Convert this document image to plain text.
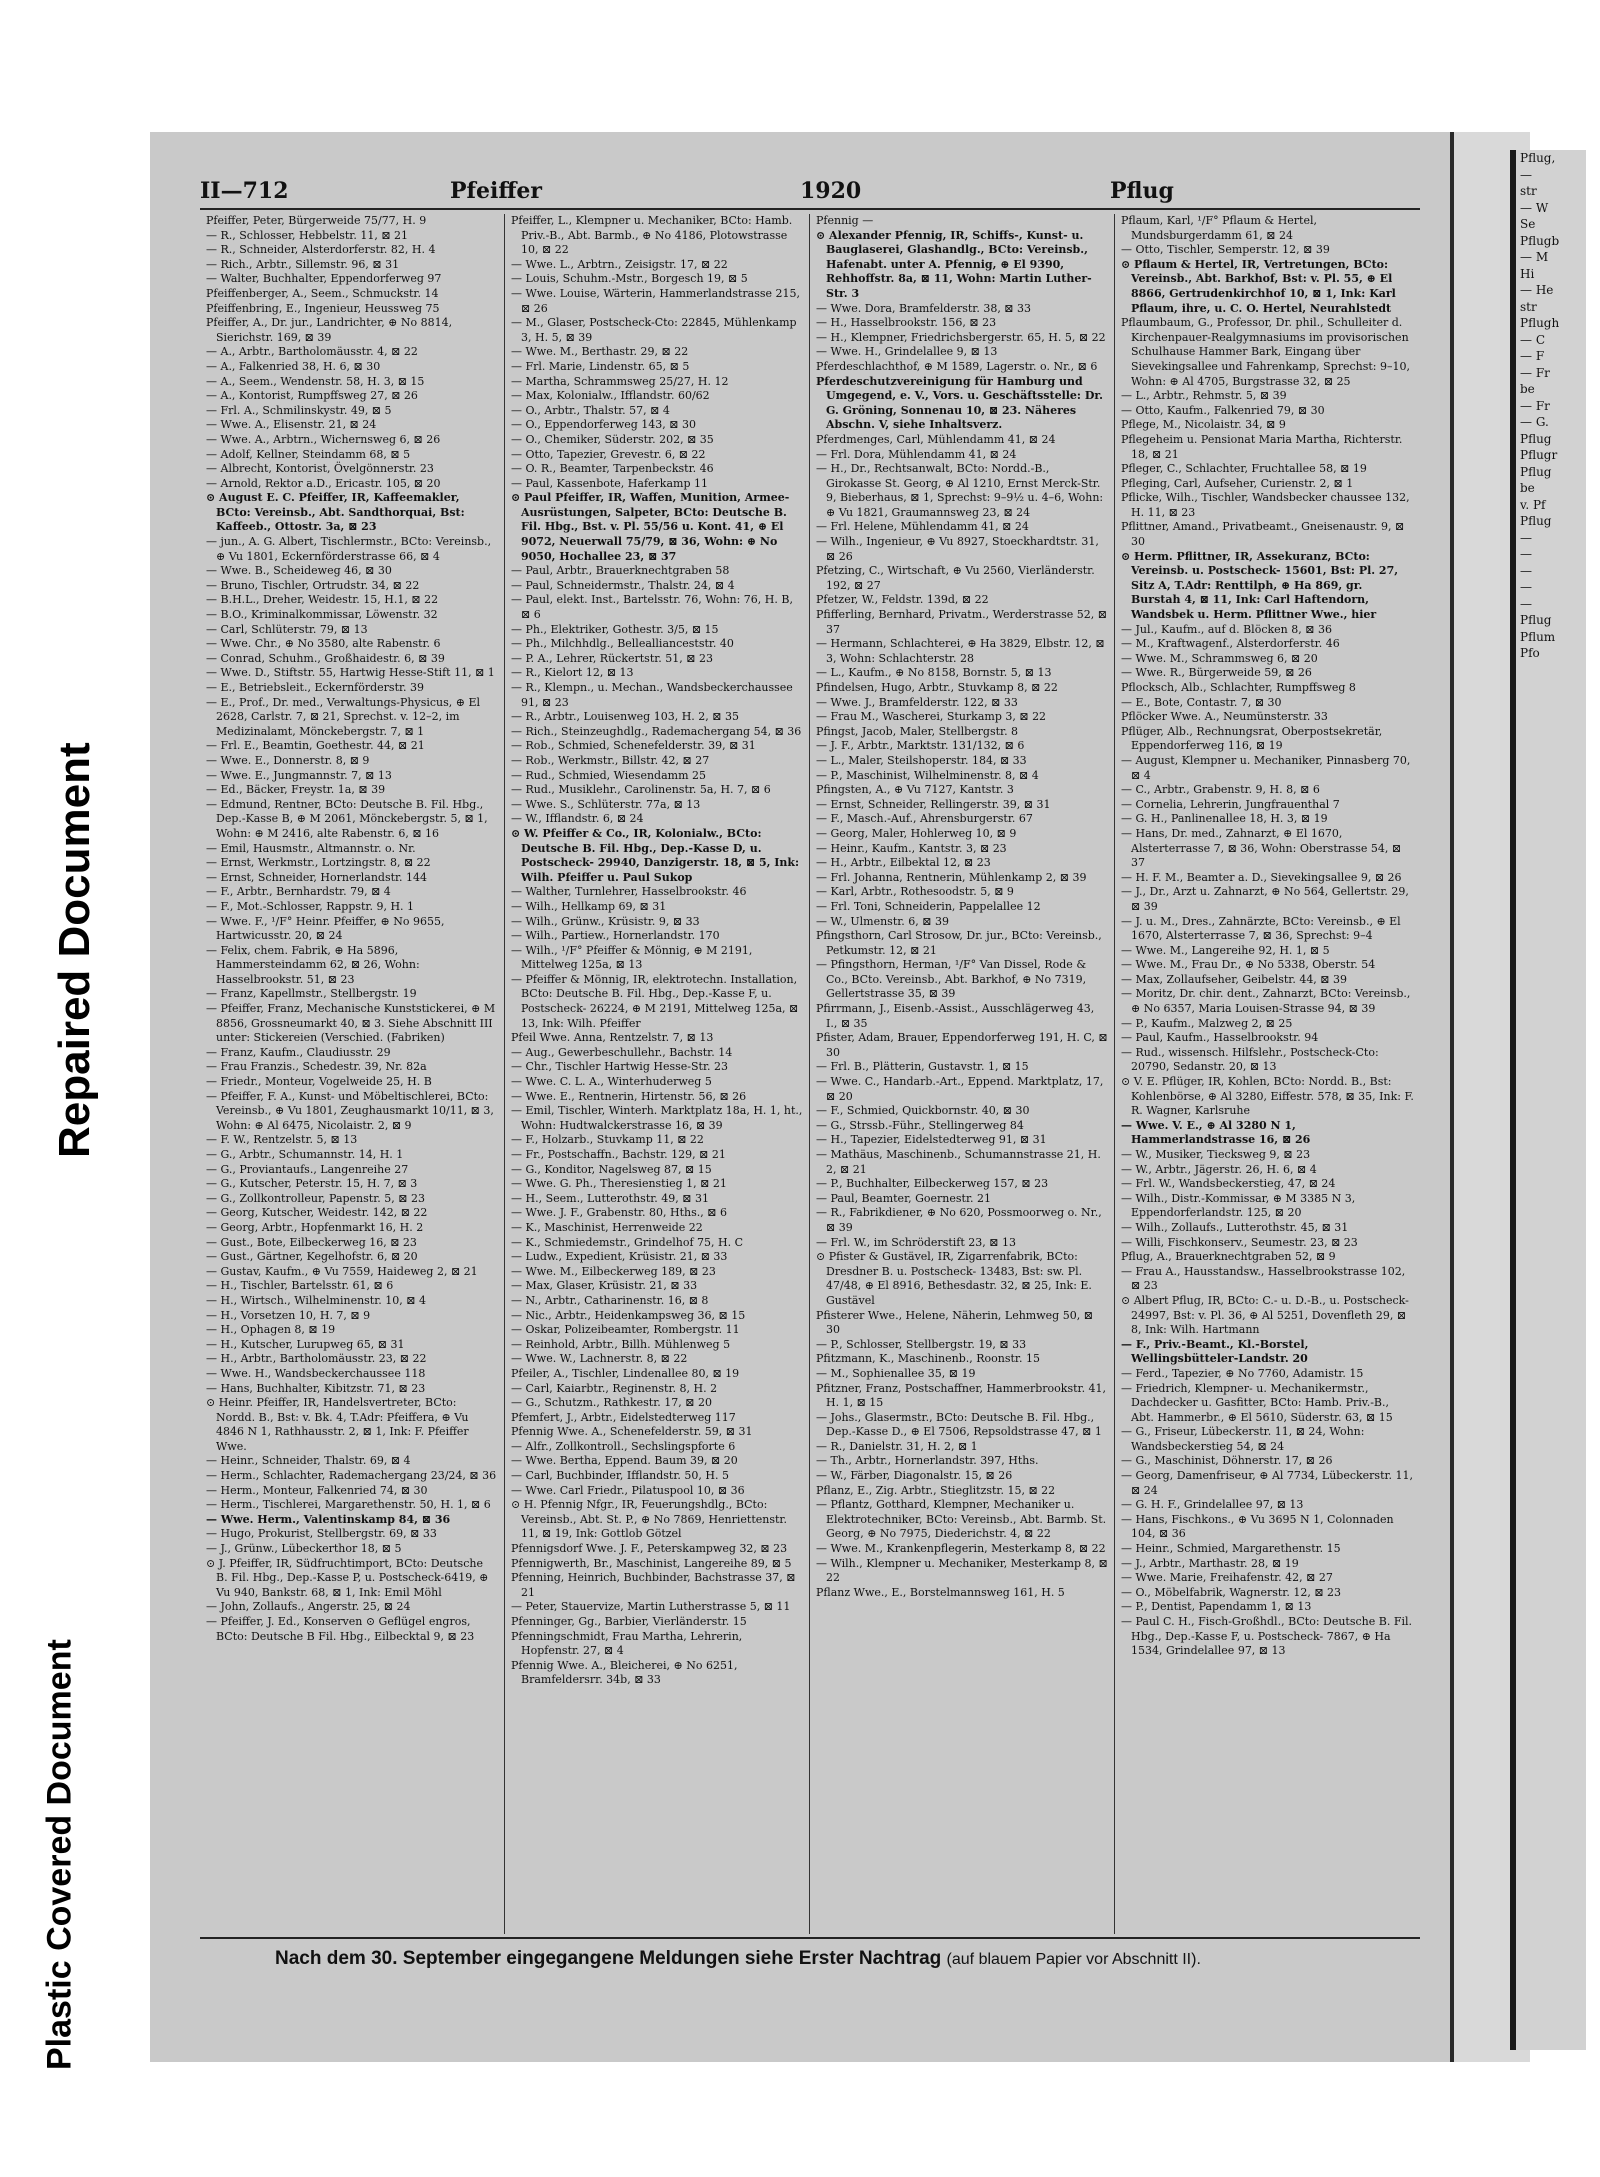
Repaired Document
Plastic Covered Document
Pflug,
—
str
— W
Se
Pflugb
— M
Hi
— He
str
Pflugh
— C
— F
— Fr
be
— Fr
— G.
Pflug
Pflugr
Pflug
be
v. Pf
Pflug
—
—
—
—
—
Pflug
Pflum
Pfo
II—712	Pfeiffer	1920	Pflug

Pfeiffer, Peter, Bürgerweide 75/77, H. 9

— R., Schlosser, Hebbelstr. 11, ⊠ 21

— R., Schneider, Alsterdorferstr. 82, H. 4

— Rich., Arbtr., Sillemstr. 96, ⊠ 31

— Walter, Buchhalter, Eppendorferweg 97

Pfeiffenberger, A., Seem., Schmuckstr. 14

Pfeiffenbring, E., Ingenieur, Heussweg 75

Pfeiffer, A., Dr. jur., Landrichter, ⊕ No 8814, Sierichstr. 169, ⊠ 39

— A., Arbtr., Bartholomäusstr. 4, ⊠ 22

— A., Falkenried 38, H. 6, ⊠ 30

— A., Seem., Wendenstr. 58, H. 3, ⊠ 15

— A., Kontorist, Rumpffsweg 27, ⊠ 26

— Frl. A., Schmilinskystr. 49, ⊠ 5

— Wwe. A., Elisenstr. 21, ⊠ 24

— Wwe. A., Arbtrn., Wichernsweg 6, ⊠ 26

— Adolf, Kellner, Steindamm 68, ⊠ 5

— Albrecht, Kontorist, Övelgönnerstr. 23

— Arnold, Rektor a.D., Ericastr. 105, ⊠ 20

⊙ August E. C. Pfeiffer, IR, Kaffeemakler, BCto: Vereinsb., Abt. Sandthorquai, Bst: Kaffeeb., Ottostr. 3a, ⊠ 23

— jun., A. G. Albert, Tischlermstr., BCto: Vereinsb., ⊕ Vu 1801, Eckernförderstrasse 66, ⊠ 4

— Wwe. B., Scheideweg 46, ⊠ 30

— Bruno, Tischler, Ortrudstr. 34, ⊠ 22

— B.H.L., Dreher, Weidestr. 15, H.1, ⊠ 22

— B.O., Kriminalkommissar, Löwenstr. 32

— Carl, Schlüterstr. 79, ⊠ 13

— Wwe. Chr., ⊕ No 3580, alte Rabenstr. 6

— Conrad, Schuhm., Großhaidestr. 6, ⊠ 39

— Wwe. D., Stiftstr. 55, Hartwig Hesse-Stift 11, ⊠ 1

— E., Betriebsleit., Eckernförderstr. 39

— E., Prof., Dr. med., Verwaltungs-Physicus, ⊕ El 2628, Carlstr. 7, ⊠ 21, Sprechst. v. 12–2, im Medizinalamt, Mönckebergstr. 7, ⊠ 1

— Frl. E., Beamtin, Goethestr. 44, ⊠ 21

— Wwe. E., Donnerstr. 8, ⊠ 9

— Wwe. E., Jungmannstr. 7, ⊠ 13

— Ed., Bäcker, Freystr. 1a, ⊠ 39

— Edmund, Rentner, BCto: Deutsche B. Fil. Hbg., Dep.-Kasse B, ⊕ M 2061, Mönckebergstr. 5, ⊠ 1, Wohn: ⊕ M 2416, alte Rabenstr. 6, ⊠ 16

— Emil, Hausmstr., Altmannstr. o. Nr.

— Ernst, Werkmstr., Lortzingstr. 8, ⊠ 22

— Ernst, Schneider, Hornerlandstr. 144

— F., Arbtr., Bernhardstr. 79, ⊠ 4

— F., Mot.-Schlosser, Rappstr. 9, H. 1

— Wwe. F., ¹/F° Heinr. Pfeiffer, ⊕ No 9655, Hartwicusstr. 20, ⊠ 24

— Felix, chem. Fabrik, ⊕ Ha 5896, Hammersteindamm 62, ⊠ 26, Wohn: Hasselbrookstr. 51, ⊠ 23

— Franz, Kapellmstr., Stellbergstr. 19

— Pfeiffer, Franz, Mechanische Kunststickerei, ⊕ M 8856, Grossneumarkt 40, ⊠ 3. Siehe Abschnitt III unter: Stickereien (Verschied. (Fabriken)

— Franz, Kaufm., Claudiusstr. 29

— Frau Franzis., Schedestr. 39, Nr. 82a

— Friedr., Monteur, Vogelweide 25, H. B

— Pfeiffer, F. A., Kunst- und Möbeltischlerei, BCto: Vereinsb., ⊕ Vu 1801, Zeughausmarkt 10/11, ⊠ 3, Wohn: ⊕ Al 6475, Nicolaistr. 2, ⊠ 9

— F. W., Rentzelstr. 5, ⊠ 13

— G., Arbtr., Schumannstr. 14, H. 1

— G., Proviantaufs., Langenreihe 27

— G., Kutscher, Peterstr. 15, H. 7, ⊠ 3

— G., Zollkontrolleur, Papenstr. 5, ⊠ 23

— Georg, Kutscher, Weidestr. 142, ⊠ 22

— Georg, Arbtr., Hopfenmarkt 16, H. 2

— Gust., Bote, Eilbeckerweg 16, ⊠ 23

— Gust., Gärtner, Kegelhofstr. 6, ⊠ 20

— Gustav, Kaufm., ⊕ Vu 7559, Haideweg 2, ⊠ 21

— H., Tischler, Bartelsstr. 61, ⊠ 6

— H., Wirtsch., Wilhelminenstr. 10, ⊠ 4

— H., Vorsetzen 10, H. 7, ⊠ 9

— H., Ophagen 8, ⊠ 19

— H., Kutscher, Lurupweg 65, ⊠ 31

— H., Arbtr., Bartholomäusstr. 23, ⊠ 22

— Wwe. H., Wandsbeckerchaussee 118

— Hans, Buchhalter, Kibitzstr. 71, ⊠ 23

⊙ Heinr. Pfeiffer, IR, Handelsvertreter, BCto: Nordd. B., Bst: v. Bk. 4, T.Adr: Pfeiffera, ⊕ Vu 4846 N 1, Rathhausstr. 2, ⊠ 1, Ink: F. Pfeiffer Wwe.

— Heinr., Schneider, Thalstr. 69, ⊠ 4

— Herm., Schlachter, Rademachergang 23/24, ⊠ 36

— Herm., Monteur, Falkenried 74, ⊠ 30

— Herm., Tischlerei, Margarethenstr. 50, H. 1, ⊠ 6

— Wwe. Herm., Valentinskamp 84, ⊠ 36

— Hugo, Prokurist, Stellbergstr. 69, ⊠ 33

— J., Grünw., Lübeckerthor 18, ⊠ 5

⊙ J. Pfeiffer, IR, Südfruchtimport, BCto: Deutsche B. Fil. Hbg., Dep.-Kasse P, u. Postscheck-6419, ⊕ Vu 940, Bankstr. 68, ⊠ 1, Ink: Emil Möhl

— John, Zollaufs., Angerstr. 25, ⊠ 24

— Pfeiffer, J. Ed., Konserven ⊙ Geflügel engros, BCto: Deutsche B Fil. Hbg., Eilbecktal 9, ⊠ 23

Pfeiffer, L., Klempner u. Mechaniker, BCto: Hamb. Priv.-B., Abt. Barmb., ⊕ No 4186, Plotowstrasse 10, ⊠ 22

— Wwe. L., Arbtrn., Zeisigstr. 17, ⊠ 22

— Louis, Schuhm.-Mstr., Borgesch 19, ⊠ 5

— Wwe. Louise, Wärterin, Hammerlandstrasse 215, ⊠ 26

— M., Glaser, Postscheck-Cto: 22845, Mühlenkamp 3, H. 5, ⊠ 39

— Wwe. M., Berthastr. 29, ⊠ 22

— Frl. Marie, Lindenstr. 65, ⊠ 5

— Martha, Schrammsweg 25/27, H. 12

— Max, Kolonialw., Ifflandstr. 60/62

— O., Arbtr., Thalstr. 57, ⊠ 4

— O., Eppendorferweg 143, ⊠ 30

— O., Chemiker, Süderstr. 202, ⊠ 35

— Otto, Tapezier, Grevestr. 6, ⊠ 22

— O. R., Beamter, Tarpenbeckstr. 46

— Paul, Kassenbote, Haferkamp 11

⊙ Paul Pfeiffer, IR, Waffen, Munition, Armee-Ausrüstungen, Salpeter, BCto: Deutsche B. Fil. Hbg., Bst. v. Pl. 55/56 u. Kont. 41, ⊕ El 9072, Neuerwall 75/79, ⊠ 36, Wohn: ⊕ No 9050, Hochallee 23, ⊠ 37

— Paul, Arbtr., Brauerknechtgraben 58

— Paul, Schneidermstr., Thalstr. 24, ⊠ 4

— Paul, elekt. Inst., Bartelsstr. 76, Wohn: 76, H. B, ⊠ 6

— Ph., Elektriker, Gothestr. 3/5, ⊠ 15

— Ph., Milchhdlg., Belleallianceststr. 40

— P. A., Lehrer, Rückertstr. 51, ⊠ 23

— R., Kielort 12, ⊠ 13

— R., Klempn., u. Mechan., Wandsbeckerchaussee 91, ⊠ 23

— R., Arbtr., Louisenweg 103, H. 2, ⊠ 35

— Rich., Steinzeughdlg., Rademachergang 54, ⊠ 36

— Rob., Schmied, Schenefelderstr. 39, ⊠ 31

— Rob., Werkmstr., Billstr. 42, ⊠ 27

— Rud., Schmied, Wiesendamm 25

— Rud., Musiklehr., Carolinenstr. 5a, H. 7, ⊠ 6

— Wwe. S., Schlüterstr. 77a, ⊠ 13

— W., Ifflandstr. 6, ⊠ 24

⊙ W. Pfeiffer & Co., IR, Kolonialw., BCto: Deutsche B. Fil. Hbg., Dep.-Kasse D, u. Postscheck- 29940, Danzigerstr. 18, ⊠ 5, Ink: Wilh. Pfeiffer u. Paul Sukop

— Walther, Turnlehrer, Hasselbrookstr. 46

— Wilh., Hellkamp 69, ⊠ 31

— Wilh., Grünw., Krüsistr. 9, ⊠ 33

— Wilh., Partiew., Hornerlandstr. 170

— Wilh., ¹/F° Pfeiffer & Mönnig, ⊕ M 2191, Mittelweg 125a, ⊠ 13

— Pfeiffer & Mönnig, IR, elektrotechn. Installation, BCto: Deutsche B. Fil. Hbg., Dep.-Kasse F, u. Postscheck- 26224, ⊕ M 2191, Mittelweg 125a, ⊠ 13, Ink: Wilh. Pfeiffer

Pfeil Wwe. Anna, Rentzelstr. 7, ⊠ 13

— Aug., Gewerbeschullehr., Bachstr. 14

— Chr., Tischler Hartwig Hesse-Str. 23

— Wwe. C. L. A., Winterhuderweg 5

— Wwe. E., Rentnerin, Hirtenstr. 56, ⊠ 26

— Emil, Tischler, Winterh. Marktplatz 18a, H. 1, ht., Wohn: Hudtwalckerstrasse 16, ⊠ 39

— F., Holzarb., Stuvkamp 11, ⊠ 22

— Fr., Postschaffn., Bachstr. 129, ⊠ 21

— G., Konditor, Nagelsweg 87, ⊠ 15

— Wwe. G. Ph., Theresienstieg 1, ⊠ 21

— H., Seem., Lutterothstr. 49, ⊠ 31

— Wwe. J. F., Grabenstr. 80, Hths., ⊠ 6

— K., Maschinist, Herrenweide 22

— K., Schmiedemstr., Grindelhof 75, H. C

— Ludw., Expedient, Krüsistr. 21, ⊠ 33

— Wwe. M., Eilbeckerweg 189, ⊠ 23

— Max, Glaser, Krüsistr. 21, ⊠ 33

— N., Arbtr., Catharinenstr. 16, ⊠ 8

— Nic., Arbtr., Heidenkampsweg 36, ⊠ 15

— Oskar, Polizeibeamter, Rombergstr. 11

— Reinhold, Arbtr., Billh. Mühlenweg 5

— Wwe. W., Lachnerstr. 8, ⊠ 22

Pfeiler, A., Tischler, Lindenallee 80, ⊠ 19

— Carl, Kaiarbtr., Reginenstr. 8, H. 2

— G., Schutzm., Rathkestr. 17, ⊠ 20

Pfemfert, J., Arbtr., Eidelstedterweg 117

Pfennig Wwe. A., Schenefelderstr. 59, ⊠ 31

— Alfr., Zollkontroll., Sechslingspforte 6

— Wwe. Bertha, Eppend. Baum 39, ⊠ 20

— Carl, Buchbinder, Ifflandstr. 50, H. 5

— Wwe. Carl Friedr., Pilatuspool 10, ⊠ 36

⊙ H. Pfennig Nfgr., IR, Feuerungshdlg., BCto: Vereinsb., Abt. St. P., ⊕ No 7869, Henriettenstr. 11, ⊠ 19, Ink: Gottlob Götzel

Pfennigsdorf Wwe. J. F., Peterskampweg 32, ⊠ 23

Pfennigwerth, Br., Maschinist, Langereihe 89, ⊠ 5

Pfenning, Heinrich, Buchbinder, Bachstrasse 37, ⊠ 21

— Peter, Stauervize, Martin Lutherstrasse 5, ⊠ 11

Pfenninger, Gg., Barbier, Vierländerstr. 15

Pfenningschmidt, Frau Martha, Lehrerin, Hopfenstr. 27, ⊠ 4

Pfennig Wwe. A., Bleicherei, ⊕ No 6251, Bramfeldersrr. 34b, ⊠ 33

Pfennig —

⊙ Alexander Pfennig, IR, Schiffs-, Kunst- u. Bauglaserei, Glashandlg., BCto: Vereinsb., Hafenabt. unter A. Pfennig, ⊕ El 9390, Rehhoffstr. 8a, ⊠ 11, Wohn: Martin Luther-Str. 3

— Wwe. Dora, Bramfelderstr. 38, ⊠ 33

— H., Hasselbrookstr. 156, ⊠ 23

— H., Klempner, Friedrichsbergerstr. 65, H. 5, ⊠ 22

— Wwe. H., Grindelallee 9, ⊠ 13

Pferdeschlachthof, ⊕ M 1589, Lagerstr. o. Nr., ⊠ 6

Pferdeschutzvereinigung für Hamburg und Umgegend, e. V., Vors. u. Geschäftsstelle: Dr. G. Gröning, Sonnenau 10, ⊠ 23. Näheres Abschn. V, siehe Inhaltsverz.

Pferdmenges, Carl, Mühlendamm 41, ⊠ 24

— Frl. Dora, Mühlendamm 41, ⊠ 24

— H., Dr., Rechtsanwalt, BCto: Nordd.-B., Girokasse St. Georg, ⊕ Al 1210, Ernst Merck-Str. 9, Bieberhaus, ⊠ 1, Sprechst: 9–9½ u. 4–6, Wohn: ⊕ Vu 1821, Graumannsweg 23, ⊠ 24

— Frl. Helene, Mühlendamm 41, ⊠ 24

— Wilh., Ingenieur, ⊕ Vu 8927, Stoeckhardtstr. 31, ⊠ 26

Pfetzing, C., Wirtschaft, ⊕ Vu 2560, Vierländerstr. 192, ⊠ 27

Pfetzer, W., Feldstr. 139d, ⊠ 22

Pfifferling, Bernhard, Privatm., Werderstrasse 52, ⊠ 37

— Hermann, Schlachterei, ⊕ Ha 3829, Elbstr. 12, ⊠ 3, Wohn: Schlachterstr. 28

— L., Kaufm., ⊕ No 8158, Bornstr. 5, ⊠ 13

Pfindelsen, Hugo, Arbtr., Stuvkamp 8, ⊠ 22

— Wwe. J., Bramfelderstr. 122, ⊠ 33

— Frau M., Wascherei, Sturkamp 3, ⊠ 22

Pfingst, Jacob, Maler, Stellbergstr. 8

— J. F., Arbtr., Marktstr. 131/132, ⊠ 6

— L., Maler, Steilshoperstr. 184, ⊠ 33

— P., Maschinist, Wilhelminenstr. 8, ⊠ 4

Pfingsten, A., ⊕ Vu 7127, Kantstr. 3

— Ernst, Schneider, Rellingerstr. 39, ⊠ 31

— F., Masch.-Auf., Ahrensburgerstr. 67

— Georg, Maler, Hohlerweg 10, ⊠ 9

— Heinr., Kaufm., Kantstr. 3, ⊠ 23

— H., Arbtr., Eilbektal 12, ⊠ 23

— Frl. Johanna, Rentnerin, Mühlenkamp 2, ⊠ 39

— Karl, Arbtr., Rothesoodstr. 5, ⊠ 9

— Frl. Toni, Schneiderin, Pappelallee 12

— W., Ulmenstr. 6, ⊠ 39

Pfingsthorn, Carl Strosow, Dr. jur., BCto: Vereinsb., Petkumstr. 12, ⊠ 21

— Pfingsthorn, Herman, ¹/F° Van Dissel, Rode & Co., BCto. Vereinsb., Abt. Barkhof, ⊕ No 7319, Gellertstrasse 35, ⊠ 39

Pfirrmann, J., Eisenb.-Assist., Ausschlägerweg 43, I., ⊠ 35

Pfister, Adam, Brauer, Eppendorferweg 191, H. C, ⊠ 30

— Frl. B., Plätterin, Gustavstr. 1, ⊠ 15

— Wwe. C., Handarb.-Art., Eppend. Marktplatz, 17, ⊠ 20

— F., Schmied, Quickbornstr. 40, ⊠ 30

— G., Strssb.-Führ., Stellingerweg 84

— H., Tapezier, Eidelstedterweg 91, ⊠ 31

— Mathäus, Maschinenb., Schumannstrasse 21, H. 2, ⊠ 21

— P., Buchhalter, Eilbeckerweg 157, ⊠ 23

— Paul, Beamter, Goernestr. 21

— R., Fabrikdiener, ⊕ No 620, Possmoorweg o. Nr., ⊠ 39

— Frl. W., im Schröderstift 23, ⊠ 13

⊙ Pfister & Gustävel, IR, Zigarrenfabrik, BCto: Dresdner B. u. Postscheck- 13483, Bst: sw. Pl. 47/48, ⊕ El 8916, Bethesdastr. 32, ⊠ 25, Ink: E. Gustävel

Pfisterer Wwe., Helene, Näherin, Lehmweg 50, ⊠ 30

— P., Schlosser, Stellbergstr. 19, ⊠ 33

Pfitzmann, K., Maschinenb., Roonstr. 15

— M., Sophienallee 35, ⊠ 19

Pfitzner, Franz, Postschaffner, Hammerbrookstr. 41, H. 1, ⊠ 15

— Johs., Glasermstr., BCto: Deutsche B. Fil. Hbg., Dep.-Kasse D., ⊕ El 7506, Repsoldstrasse 47, ⊠ 1

— R., Danielstr. 31, H. 2, ⊠ 1

— Th., Arbtr., Hornerlandstr. 397, Hths.

— W., Färber, Diagonalstr. 15, ⊠ 26

Pflanz, E., Zig. Arbtr., Stieglitzstr. 15, ⊠ 22

— Pflantz, Gotthard, Klempner, Mechaniker u. Elektrotechniker, BCto: Vereinsb., Abt. Barmb. St. Georg, ⊕ No 7975, Diederichstr. 4, ⊠ 22

— Wwe. M., Krankenpflegerin, Mesterkamp 8, ⊠ 22

— Wilh., Klempner u. Mechaniker, Mesterkamp 8, ⊠ 22

Pflanz Wwe., E., Borstelmannsweg 161, H. 5

Pflaum, Karl, ¹/F° Pflaum & Hertel, Mundsburgerdamm 61, ⊠ 24

— Otto, Tischler, Semperstr. 12, ⊠ 39

⊙ Pflaum & Hertel, IR, Vertretungen, BCto: Vereinsb., Abt. Barkhof, Bst: v. Pl. 55, ⊕ El 8866, Gertrudenkirchhof 10, ⊠ 1, Ink: Karl Pflaum, ihre, u. C. O. Hertel, Neurahlstedt

Pflaumbaum, G., Professor, Dr. phil., Schulleiter d. Kirchenpauer-Realgymnasiums im provisorischen Schulhause Hammer Bark, Eingang über Sievekingsallee und Fahrenkamp, Sprechst: 9–10, Wohn: ⊕ Al 4705, Burgstrasse 32, ⊠ 25

— L., Arbtr., Rehmstr. 5, ⊠ 39

— Otto, Kaufm., Falkenried 79, ⊠ 30

Pflege, M., Nicolaistr. 34, ⊠ 9

Pflegeheim u. Pensionat Maria Martha, Richterstr. 18, ⊠ 21

Pfleger, C., Schlachter, Fruchtallee 58, ⊠ 19

Pfleging, Carl, Aufseher, Curienstr. 2, ⊠ 1

Pflicke, Wilh., Tischler, Wandsbecker chaussee 132, H. 11, ⊠ 23

Pflittner, Amand., Privatbeamt., Gneisenaustr. 9, ⊠ 30

⊙ Herm. Pflittner, IR, Assekuranz, BCto: Vereinsb. u. Postscheck- 15601, Bst: Pl. 27, Sitz A, T.Adr: Renttilph, ⊕ Ha 869, gr. Burstah 4, ⊠ 11, Ink: Carl Haftendorn, Wandsbek u. Herm. Pflittner Wwe., hier

— Jul., Kaufm., auf d. Blöcken 8, ⊠ 36

— M., Kraftwagenf., Alsterdorferstr. 46

— Wwe. M., Schrammsweg 6, ⊠ 20

— Wwe. R., Bürgerweide 59, ⊠ 26

Pflocksch, Alb., Schlachter, Rumpffsweg 8

— E., Bote, Contastr. 7, ⊠ 30

Pflöcker Wwe. A., Neumünsterstr. 33

Pflüger, Alb., Rechnungsrat, Oberpostsekretär, Eppendorferweg 116, ⊠ 19

— August, Klempner u. Mechaniker, Pinnasberg 70, ⊠ 4

— C., Arbtr., Grabenstr. 9, H. 8, ⊠ 6

— Cornelia, Lehrerin, Jungfrauenthal 7

— G. H., Panlinenallee 18, H. 3, ⊠ 19

— Hans, Dr. med., Zahnarzt, ⊕ El 1670, Alsterterrasse 7, ⊠ 36, Wohn: Oberstrasse 54, ⊠ 37

— H. F. M., Beamter a. D., Sievekingsallee 9, ⊠ 26

— J., Dr., Arzt u. Zahnarzt, ⊕ No 564, Gellertstr. 29, ⊠ 39

— J. u. M., Dres., Zahnärzte, BCto: Vereinsb., ⊕ El 1670, Alsterterrasse 7, ⊠ 36, Sprechst: 9–4

— Wwe. M., Langereihe 92, H. 1, ⊠ 5

— Wwe. M., Frau Dr., ⊕ No 5338, Oberstr. 54

— Max, Zollaufseher, Geibelstr. 44, ⊠ 39

— Moritz, Dr. chir. dent., Zahnarzt, BCto: Vereinsb., ⊕ No 6357, Maria Louisen-Strasse 94, ⊠ 39

— P., Kaufm., Malzweg 2, ⊠ 25

— Paul, Kaufm., Hasselbrookstr. 94

— Rud., wissensch. Hilfslehr., Postscheck-Cto: 20790, Sedanstr. 20, ⊠ 13

⊙ V. E. Pflüger, IR, Kohlen, BCto: Nordd. B., Bst: Kohlenbörse, ⊕ Al 3280, Eiffestr. 578, ⊠ 35, Ink: F. R. Wagner, Karlsruhe

— Wwe. V. E., ⊕ Al 3280 N 1, Hammerlandstrasse 16, ⊠ 26

— W., Musiker, Tiecksweg 9, ⊠ 23

— W., Arbtr., Jägerstr. 26, H. 6, ⊠ 4

— Frl. W., Wandsbeckerstieg, 47, ⊠ 24

— Wilh., Distr.-Kommissar, ⊕ M 3385 N 3, Eppendorferlandstr. 125, ⊠ 20

— Wilh., Zollaufs., Lutterothstr. 45, ⊠ 31

— Willi, Fischkonserv., Seumestr. 23, ⊠ 23

Pflug, A., Brauerknechtgraben 52, ⊠ 9

— Frau A., Hausstandsw., Hasselbrookstrasse 102, ⊠ 23

⊙ Albert Pflug, IR, BCto: C.- u. D.-B., u. Postscheck- 24997, Bst: v. Pl. 36, ⊕ Al 5251, Dovenfleth 29, ⊠ 8, Ink: Wilh. Hartmann

— F., Priv.-Beamt., Kl.-Borstel, Wellingsbütteler-Landstr. 20

— Ferd., Tapezier, ⊕ No 7760, Adamistr. 15

— Friedrich, Klempner- u. Mechanikermstr., Dachdecker u. Gasfitter, BCto: Hamb. Priv.-B., Abt. Hammerbr., ⊕ El 5610, Süderstr. 63, ⊠ 15

— G., Friseur, Lübeckerstr. 11, ⊠ 24, Wohn: Wandsbeckerstieg 54, ⊠ 24

— G., Maschinist, Döhnerstr. 17, ⊠ 26

— Georg, Damenfriseur, ⊕ Al 7734, Lübeckerstr. 11, ⊠ 24

— G. H. F., Grindelallee 97, ⊠ 13

— Hans, Fischkons., ⊕ Vu 3695 N 1, Colonnaden 104, ⊠ 36

— Heinr., Schmied, Margarethenstr. 15

— J., Arbtr., Marthastr. 28, ⊠ 19

— Wwe. Marie, Freihafenstr. 42, ⊠ 27

— O., Möbelfabrik, Wagnerstr. 12, ⊠ 23

— P., Dentist, Papendamm 1, ⊠ 13

— Paul C. H., Fisch-Großhdl., BCto: Deutsche B. Fil. Hbg., Dep.-Kasse F, u. Postscheck- 7867, ⊕ Ha 1534, Grindelallee 97, ⊠ 13

Nach dem 30. September eingegangene Meldungen siehe Erster Nachtrag (auf blauem Papier vor Abschnitt II).
